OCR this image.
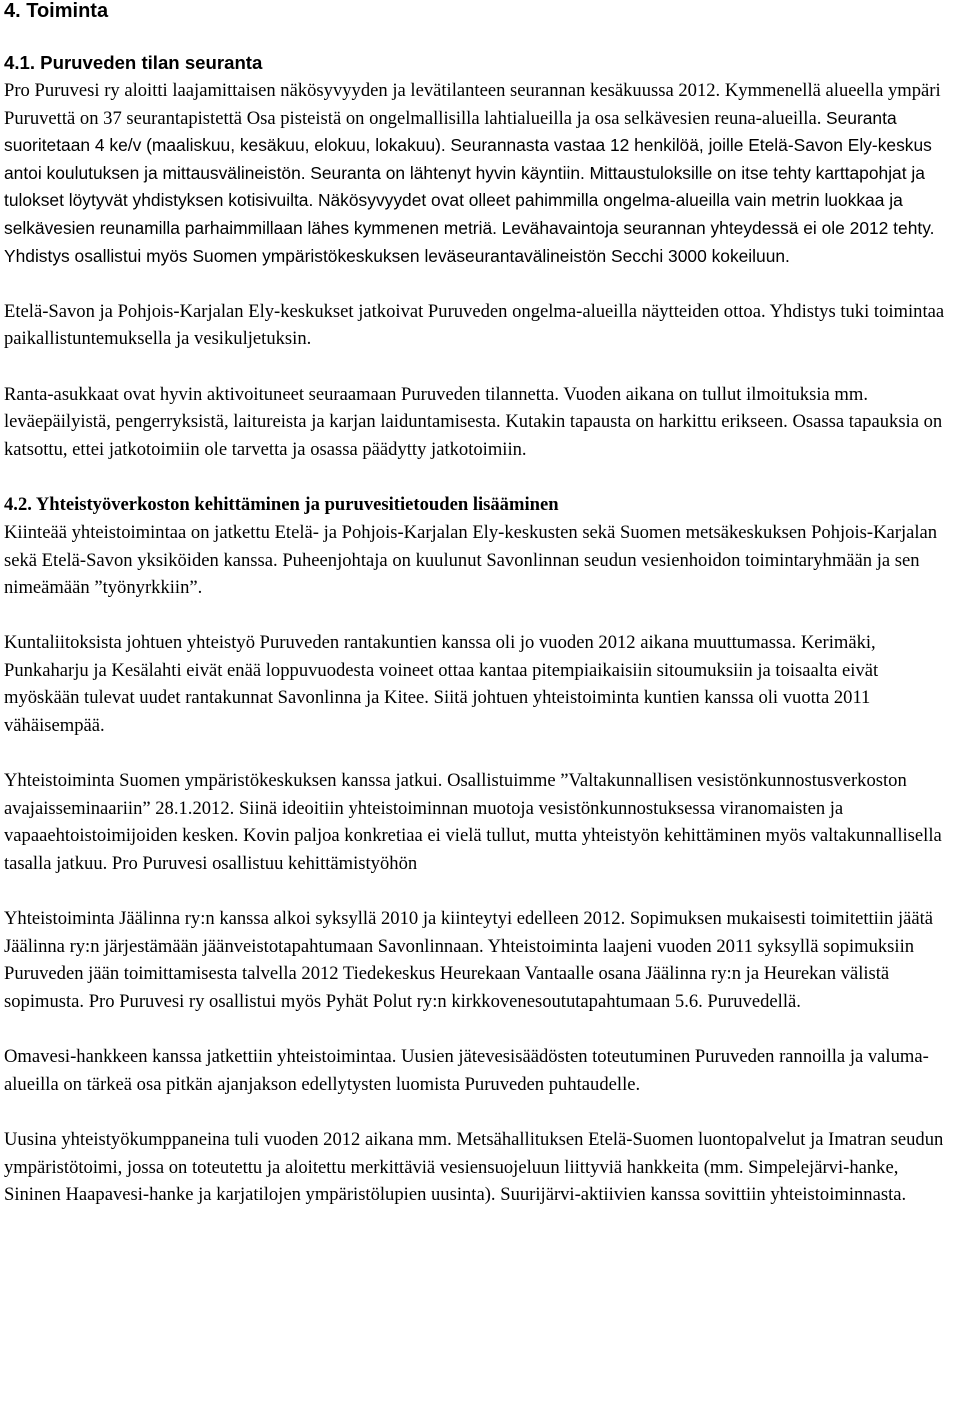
4. Toiminta
4.1. Puruveden tilan seuranta

Pro Puruvesi ry aloitti laajamittaisen näkösyvyyden ja levätilanteen seurannan kesäkuussa 2012. Kymmenellä alueella ympäri Puruvettä on 37 seurantapistettä Osa pisteistä on ongelmallisilla lahtialueilla ja osa selkävesien reuna-alueilla. Seuranta suoritetaan 4 ke/v (maaliskuu, kesäkuu, elokuu, lokakuu). Seurannasta vastaa 12 henkilöä, joille Etelä-Savon Ely-keskus antoi koulutuksen ja mittausvälineistön. Seuranta on lähtenyt hyvin käyntiin. Mittaustuloksille on itse tehty karttapohjat ja tulokset löytyvät yhdistyksen kotisivuilta. Näkösyvyydet ovat olleet pahimmilla ongelma-alueilla vain metrin luokkaa ja selkävesien reunamilla parhaimmillaan lähes kymmenen metriä. Levähavaintoja seurannan yhteydessä ei ole 2012 tehty. Yhdistys osallistui myös Suomen ympäristökeskuksen leväseurantavälineistön Secchi 3000 kokeiluun.

Etelä-Savon ja Pohjois-Karjalan Ely-keskukset jatkoivat Puruveden ongelma-alueilla näytteiden ottoa. Yhdistys tuki toimintaa paikallistuntemuksella ja vesikuljetuksin.

Ranta-asukkaat ovat hyvin aktivoituneet seuraamaan Puruveden tilannetta. Vuoden aikana on tullut ilmoituksia mm. leväepäilyistä, pengerryksistä, laitureista ja karjan laiduntamisesta. Kutakin tapausta on harkittu erikseen. Osassa tapauksia on katsottu, ettei jatkotoimiin ole tarvetta ja osassa päädytty jatkotoimiin.

4.2. Yhteistyöverkoston kehittäminen ja puruvesitietouden lisääminen

Kiinteää yhteistoimintaa on jatkettu Etelä- ja Pohjois-Karjalan Ely-keskusten sekä Suomen metsäkeskuksen Pohjois-Karjalan sekä Etelä-Savon yksiköiden kanssa. Puheenjohtaja on kuulunut Savonlinnan seudun vesienhoidon toimintaryhmään ja sen nimeämään ”työnyrkkiin”.

Kuntaliitoksista johtuen yhteistyö Puruveden rantakuntien kanssa oli jo vuoden 2012 aikana muuttumassa. Kerimäki, Punkaharju ja Kesälahti eivät enää loppuvuodesta voineet ottaa kantaa pitempiaikaisiin sitoumuksiin ja toisaalta eivät myöskään tulevat uudet rantakunnat Savonlinna ja Kitee. Siitä johtuen yhteistoiminta kuntien kanssa oli vuotta 2011 vähäisempää.

Yhteistoiminta Suomen ympäristökeskuksen kanssa jatkui. Osallistuimme ”Valtakunnallisen vesistönkunnostusverkoston avajaisseminaariin” 28.1.2012. Siinä ideoitiin yhteistoiminnan muotoja vesistönkunnostuksessa viranomaisten ja vapaaehtoistoimijoiden kesken. Kovin paljoa konkretiaa ei vielä tullut, mutta yhteistyön kehittäminen myös valtakunnallisella tasalla jatkuu. Pro Puruvesi osallistuu kehittämistyöhön

Yhteistoiminta Jäälinna ry:n kanssa alkoi syksyllä 2010 ja kiinteytyi edelleen 2012. Sopimuksen mukaisesti toimitettiin jäätä Jäälinna ry:n järjestämään jäänveistotapahtumaan Savonlinnaan. Yhteistoiminta laajeni vuoden 2011 syksyllä sopimuksiin Puruveden jään toimittamisesta talvella 2012 Tiedekeskus Heurekaan Vantaalle osana Jäälinna ry:n ja Heurekan välistä sopimusta. Pro Puruvesi ry osallistui myös Pyhät Polut ry:n kirkkovenesoututapahtumaan 5.6. Puruvedellä.

Omavesi-hankkeen kanssa jatkettiin yhteistoimintaa. Uusien jätevesisäädösten toteutuminen Puruveden rannoilla ja valuma-alueilla on tärkeä osa pitkän ajanjakson edellytysten luomista Puruveden puhtaudelle.

Uusina yhteistyökumppaneina tuli vuoden 2012 aikana mm. Metsähallituksen Etelä-Suomen luontopalvelut ja Imatran seudun ympäristötoimi, jossa on toteutettu ja aloitettu merkittäviä vesiensuojeluun liittyviä hankkeita (mm. Simpelejärvi-hanke, Sininen Haapavesi-hanke ja karjatilojen ympäristölupien uusinta). Suurijärvi-aktiivien kanssa sovittiin yhteistoiminnasta.
